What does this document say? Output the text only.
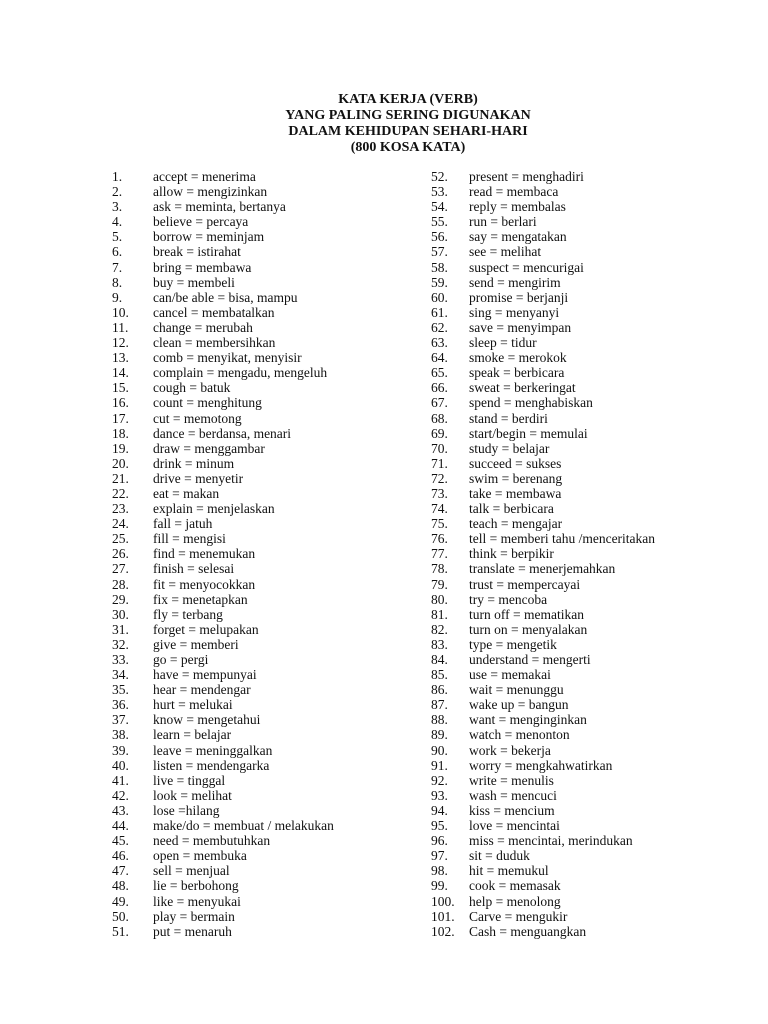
KATA KERJA (VERB)
YANG PALING SERING DIGUNAKAN
DALAM KEHIDUPAN SEHARI-HARI
(800 KOSA KATA)
1. accept = menerima
2. allow = mengizinkan
3. ask = meminta, bertanya
4. believe = percaya
5. borrow = meminjam
6. break = istirahat
7. bring = membawa
8. buy = membeli
9. can/be able = bisa, mampu
10. cancel = membatalkan
11. change = merubah
12. clean = membersihkan
13. comb = menyikat, menyisir
14. complain = mengadu, mengeluh
15. cough = batuk
16. count = menghitung
17. cut = memotong
18. dance = berdansa, menari
19. draw = menggambar
20. drink = minum
21. drive = menyetir
22. eat = makan
23. explain = menjelaskan
24. fall = jatuh
25. fill = mengisi
26. find = menemukan
27. finish = selesai
28. fit = menyocokkan
29. fix = menetapkan
30. fly = terbang
31. forget = melupakan
32. give = memberi
33. go = pergi
34. have = mempunyai
35. hear = mendengar
36. hurt = melukai
37. know = mengetahui
38. learn = belajar
39. leave = meninggalkan
40. listen = mendengarka
41. live = tinggal
42. look = melihat
43. lose =hilang
44. make/do = membuat / melakukan
45. need = membutuhkan
46. open = membuka
47. sell = menjual
48. lie = berbohong
49. like = menyukai
50. play = bermain
51. put = menaruh
52. present = menghadiri
53. read = membaca
54. reply = membalas
55. run = berlari
56. say = mengatakan
57. see = melihat
58. suspect = mencurigai
59. send = mengirim
60. promise = berjanji
61. sing = menyanyi
62. save = menyimpan
63. sleep = tidur
64. smoke = merokok
65. speak = berbicara
66. sweat = berkeringat
67. spend = menghabiskan
68. stand = berdiri
69. start/begin = memulai
70. study = belajar
71. succeed = sukses
72. swim = berenang
73. take = membawa
74. talk = berbicara
75. teach = mengajar
76. tell = memberi tahu /menceritakan
77. think = berpikir
78. translate = menerjemahkan
79. trust = mempercayai
80. try = mencoba
81. turn off = mematikan
82. turn on = menyalakan
83. type = mengetik
84. understand = mengerti
85. use = memakai
86. wait = menunggu
87. wake up = bangun
88. want = menginginkan
89. watch = menonton
90. work = bekerja
91. worry = mengkahwatirkan
92. write = menulis
93. wash = mencuci
94. kiss = mencium
95. love = mencintai
96. miss = mencintai, merindukan
97. sit = duduk
98. hit = memukul
99. cook = memasak
100. help = menolong
101. Carve = mengukir
102. Cash = menguangkan
